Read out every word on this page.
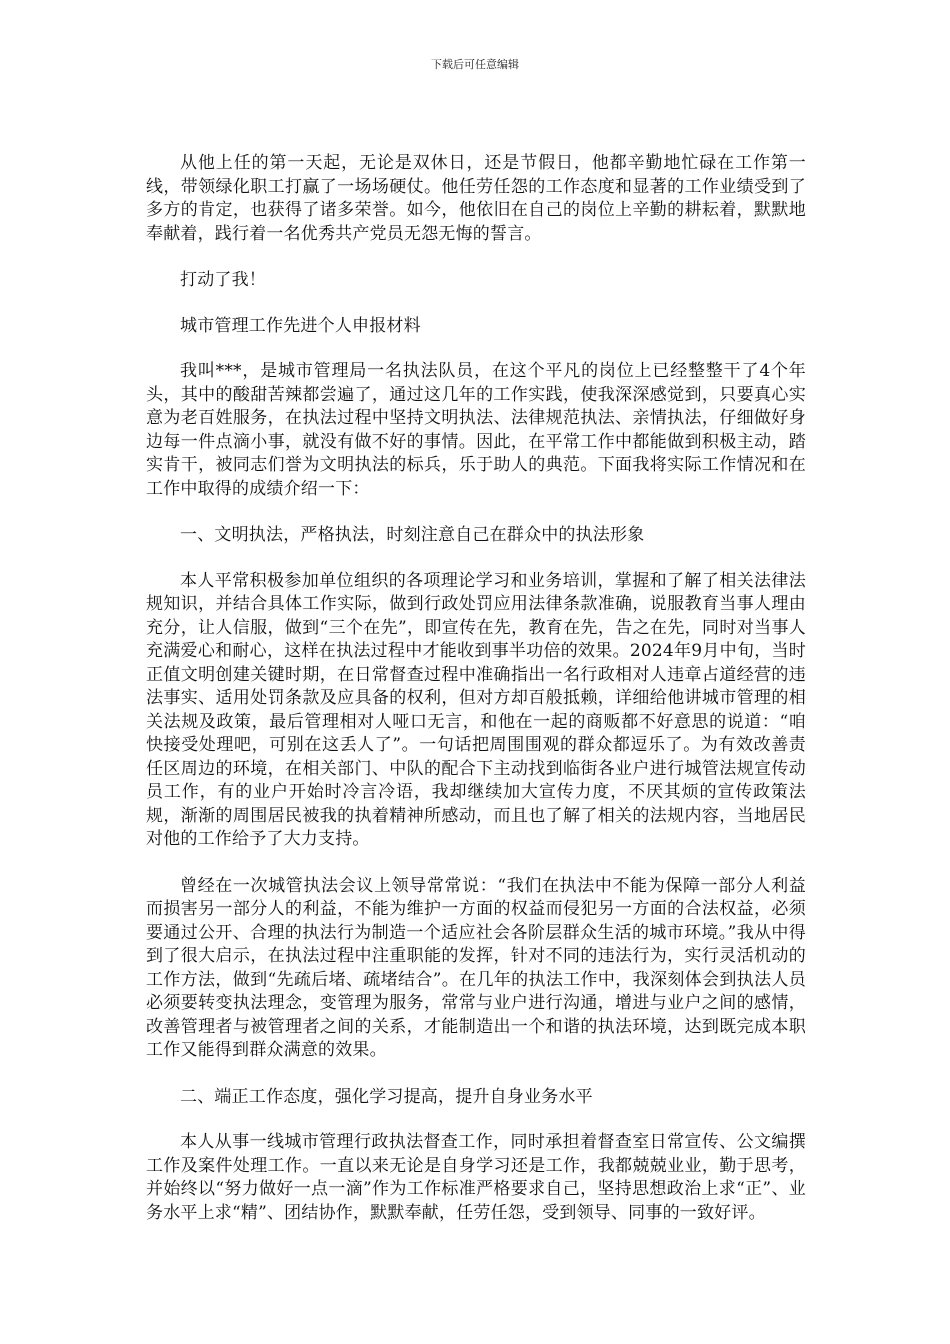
下载后可任意编辑

从他上任的第一天起，无论是双休日，还是节假日，他都辛勤地忙碌在工作第一线，带领绿化职工打赢了一场场硬仗。他任劳任怨的工作态度和显著的工作业绩受到了多方的肯定，也获得了诸多荣誉。如今，他依旧在自己的岗位上辛勤的耕耘着，默默地奉献着，践行着一名优秀共产党员无怨无悔的誓言。

打动了我！

城市管理工作先进个人申报材料

我叫***，是城市管理局一名执法队员，在这个平凡的岗位上已经整整干了4个年头，其中的酸甜苦辣都尝遍了，通过这几年的工作实践，使我深深感觉到，只要真心实意为老百姓服务，在执法过程中坚持文明执法、法律规范执法、亲情执法，仔细做好身边每一件点滴小事，就没有做不好的事情。因此，在平常工作中都能做到积极主动，踏实肯干，被同志们誉为文明执法的标兵，乐于助人的典范。下面我将实际工作情况和在工作中取得的成绩介绍一下：

一、文明执法，严格执法，时刻注意自己在群众中的执法形象

本人平常积极参加单位组织的各项理论学习和业务培训，掌握和了解了相关法律法规知识，并结合具体工作实际，做到行政处罚应用法律条款准确，说服教育当事人理由充分，让人信服，做到“三个在先”，即宣传在先，教育在先，告之在先，同时对当事人充满爱心和耐心，这样在执法过程中才能收到事半功倍的效果。2024年9月中旬，当时正值文明创建关键时期，在日常督查过程中准确指出一名行政相对人违章占道经营的违法事实、适用处罚条款及应具备的权利，但对方却百般抵赖，详细给他讲城市管理的相关法规及政策，最后管理相对人哑口无言，和他在一起的商贩都不好意思的说道：“咱快接受处理吧，可别在这丢人了”。一句话把周围围观的群众都逗乐了。为有效改善责任区周边的环境，在相关部门、中队的配合下主动找到临街各业户进行城管法规宣传动员工作，有的业户开始时冷言冷语，我却继续加大宣传力度，不厌其烦的宣传政策法规，渐渐的周围居民被我的执着精神所感动，而且也了解了相关的法规内容，当地居民对他的工作给予了大力支持。

曾经在一次城管执法会议上领导常常说：“我们在执法中不能为保障一部分人利益而损害另一部分人的利益，不能为维护一方面的权益而侵犯另一方面的合法权益，必须要通过公开、合理的执法行为制造一个适应社会各阶层群众生活的城市环境。”我从中得到了很大启示，在执法过程中注重职能的发挥，针对不同的违法行为，实行灵活机动的工作方法，做到“先疏后堵、疏堵结合”。在几年的执法工作中，我深刻体会到执法人员必须要转变执法理念，变管理为服务，常常与业户进行沟通，增进与业户之间的感情，改善管理者与被管理者之间的关系，才能制造出一个和谐的执法环境，达到既完成本职工作又能得到群众满意的效果。

二、端正工作态度，强化学习提高，提升自身业务水平

本人从事一线城市管理行政执法督查工作，同时承担着督查室日常宣传、公文编撰工作及案件处理工作。一直以来无论是自身学习还是工作，我都兢兢业业，勤于思考，并始终以“努力做好一点一滴”作为工作标准严格要求自己，坚持思想政治上求“正”、业务水平上求“精”、团结协作，默默奉献，任劳任怨，受到领导、同事的一致好评。
